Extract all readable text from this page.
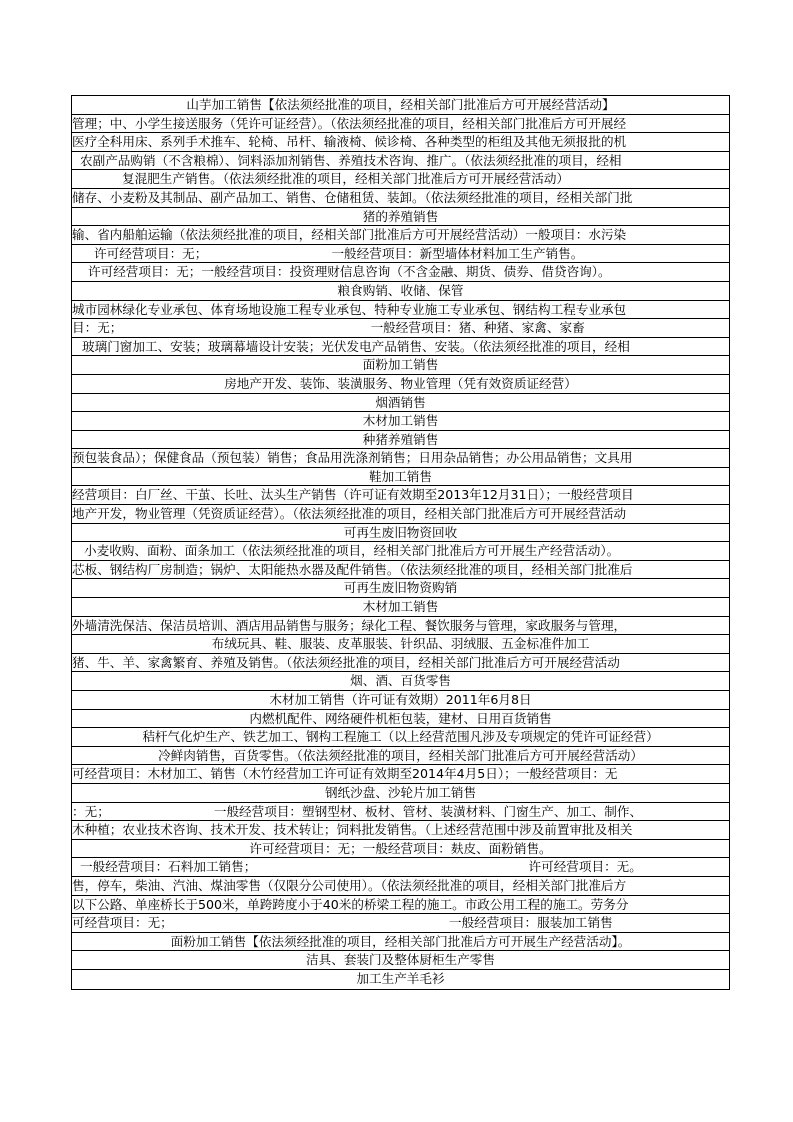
山芋加工销售【依法须经批准的项目，经相关部门批准后方可开展经营活动】
管理；中、小学生接送服务（凭许可证经营）。（依法须经批准的项目，经相关部门批准后方可开展经
医疗全科用床、系列手术推车、轮椅、吊杆、输液椅、候诊椅、各种类型的柜组及其他无须报批的机
农副产品购销（不含粮棉）、饲料添加剂销售、养殖技术咨询、推广。（依法须经批准的项目，经相
复混肥生产销售。（依法须经批准的项目，经相关部门批准后方可开展经营活动）
储存、小麦粉及其制品、副产品加工、销售、仓储租赁、装卸。（依法须经批准的项目，经相关部门批
猪的养殖销售
输、省内船舶运输（依法须经批准的项目，经相关部门批准后方可开展经营活动）一般项目：水污染
许可经营项目：无；                               一般经营项目：新型墙体材料加工生产销售。
许可经营项目：无；一般经营项目：投资理财信息咨询（不含金融、期货、债券、借贷咨询）。
粮食购销、收储、保管
城市园林绿化专业承包、体育场地设施工程专业承包、特种专业施工专业承包、钢结构工程专业承包
目：无；                                                              一般经营项目：猪、种猪、家禽、家畜
玻璃门窗加工、安装；玻璃幕墙设计安装；光伏发电产品销售、安装。（依法须经批准的项目，经相
面粉加工销售
房地产开发、装饰、装潢服务、物业管理（凭有效资质证经营）
烟酒销售
木材加工销售
种猪养殖销售
预包装食品）；保健食品（预包装）销售；食品用洗涤剂销售；日用杂品销售；办公用品销售；文具用
鞋加工销售
经营项目：白厂丝、干茧、长吐、汰头生产销售（许可证有效期至2013年12月31日）；一般经营项目
地产开发，物业管理（凭资质证经营）。（依法须经批准的项目，经相关部门批准后方可开展经营活动
可再生废旧物资回收
小麦收购、面粉、面条加工（依法须经批准的项目，经相关部门批准后方可开展生产经营活动）。
芯板、钢结构厂房制造；锅炉、太阳能热水器及配件销售。（依法须经批准的项目，经相关部门批准后
可再生废旧物资购销
木材加工销售
外墙清洗保洁、保洁员培训、酒店用品销售与服务；绿化工程、餐饮服务与管理，家政服务与管理，
布绒玩具、鞋、服装、皮革服装、针织品、羽绒服、五金标准件加工
猪、牛、羊、家禽繁育、养殖及销售。（依法须经批准的项目，经相关部门批准后方可开展经营活动
烟、酒、百货零售
木材加工销售（许可证有效期）2011年6月8日
内燃机配件、网络硬件机柜包装，建材、日用百货销售
秸杆气化炉生产、铁艺加工、钢构工程施工（以上经营范围凡涉及专项规定的凭许可证经营）
冷鲜肉销售，百货零售。（依法须经批准的项目，经相关部门批准后方可开展经营活动）
可经营项目：木材加工、销售（木竹经营加工许可证有效期至2014年4月5日）；一般经营项目：无
钢纸沙盘、沙轮片加工销售
：无；                          一般经营项目：塑钢型材、板材、管材、装潢材料、门窗生产、加工、制作、
木种植；农业技术咨询、技术开发、技术转让；饲料批发销售。（上述经营范围中涉及前置审批及相关
许可经营项目：无；一般经营项目：麸皮、面粉销售。
一般经营项目：石料加工销售；                                                                    许可经营项目：无。
售，停车，柴油、汽油、煤油零售（仅限分公司使用）。（依法须经批准的项目，经相关部门批准后方
以下公路、单座桥长于500米，单跨跨度小于40米的桥梁工程的施工。市政公用工程的施工。劳务分
可经营项目：无；                                                                     一般经营项目：服装加工销售
面粉加工销售【依法须经批准的项目，经相关部门批准后方可开展生产经营活动】。
洁具、套装门及整体厨柜生产零售
加工生产羊毛衫
